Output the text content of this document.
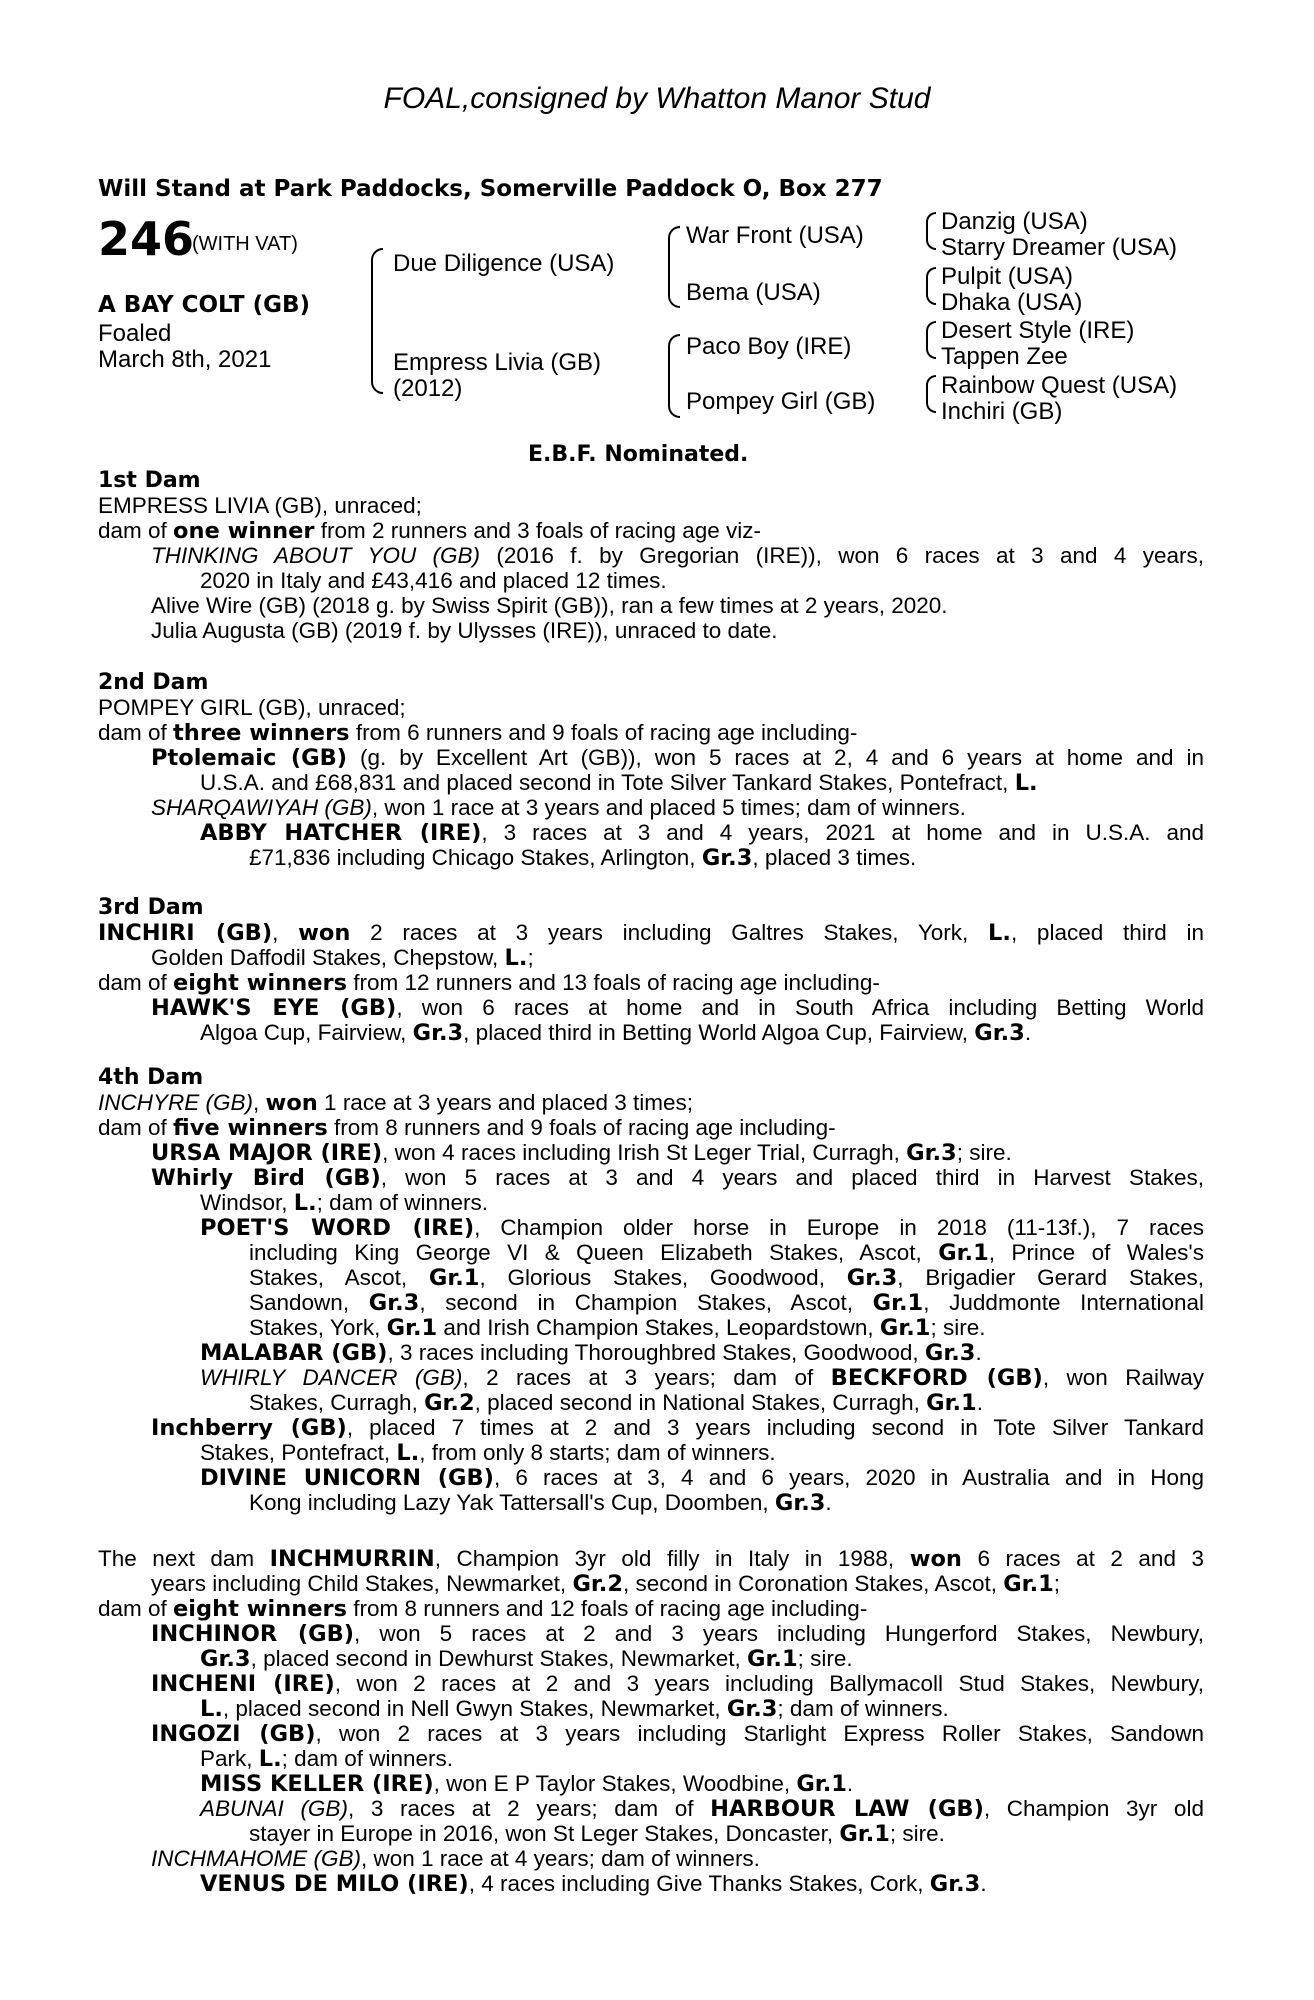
FOAL,consigned by Whatton Manor Stud
Will Stand at Park Paddocks, Somerville Paddock O, Box 277
246
(WITH VAT)
A BAY COLT (GB)
Foaled
March 8th, 2021
Due Diligence (USA)
Empress Livia (GB)
(2012)
War Front (USA)
Bema (USA)
Paco Boy (IRE)
Pompey Girl (GB)
Danzig (USA)
Starry Dreamer (USA)
Pulpit (USA)
Dhaka (USA)
Desert Style (IRE)
Tappen Zee
Rainbow Quest (USA)
Inchiri (GB)
E.B.F. Nominated.
1st Dam
EMPRESS LIVIA (GB), unraced;
dam of one winner from 2 runners and 3 foals of racing age viz-
THINKING ABOUT YOU (GB) (2016 f. by Gregorian (IRE)), won 6 races at 3 and 4 years,
2020 in Italy and £43,416 and placed 12 times.
Alive Wire (GB) (2018 g. by Swiss Spirit (GB)), ran a few times at 2 years, 2020.
Julia Augusta (GB) (2019 f. by Ulysses (IRE)), unraced to date.
2nd Dam
POMPEY GIRL (GB), unraced;
dam of three winners from 6 runners and 9 foals of racing age including-
Ptolemaic (GB) (g. by Excellent Art (GB)), won 5 races at 2, 4 and 6 years at home and in
U.S.A. and £68,831 and placed second in Tote Silver Tankard Stakes, Pontefract, L.
SHARQAWIYAH (GB), won 1 race at 3 years and placed 5 times; dam of winners.
ABBY HATCHER (IRE), 3 races at 3 and 4 years, 2021 at home and in U.S.A. and
£71,836 including Chicago Stakes, Arlington, Gr.3, placed 3 times.
3rd Dam
INCHIRI (GB), won 2 races at 3 years including Galtres Stakes, York, L., placed third in
Golden Daffodil Stakes, Chepstow, L.;
dam of eight winners from 12 runners and 13 foals of racing age including-
HAWK'S EYE (GB), won 6 races at home and in South Africa including Betting World
Algoa Cup, Fairview, Gr.3, placed third in Betting World Algoa Cup, Fairview, Gr.3.
4th Dam
INCHYRE (GB), won 1 race at 3 years and placed 3 times;
dam of five winners from 8 runners and 9 foals of racing age including-
URSA MAJOR (IRE), won 4 races including Irish St Leger Trial, Curragh, Gr.3; sire.
Whirly Bird (GB), won 5 races at 3 and 4 years and placed third in Harvest Stakes,
Windsor, L.; dam of winners.
POET'S WORD (IRE), Champion older horse in Europe in 2018 (11-13f.), 7 races
including King George VI & Queen Elizabeth Stakes, Ascot, Gr.1, Prince of Wales's
Stakes, Ascot, Gr.1, Glorious Stakes, Goodwood, Gr.3, Brigadier Gerard Stakes,
Sandown, Gr.3, second in Champion Stakes, Ascot, Gr.1, Juddmonte International
Stakes, York, Gr.1 and Irish Champion Stakes, Leopardstown, Gr.1; sire.
MALABAR (GB), 3 races including Thoroughbred Stakes, Goodwood, Gr.3.
WHIRLY DANCER (GB), 2 races at 3 years; dam of BECKFORD (GB), won Railway
Stakes, Curragh, Gr.2, placed second in National Stakes, Curragh, Gr.1.
Inchberry (GB), placed 7 times at 2 and 3 years including second in Tote Silver Tankard
Stakes, Pontefract, L., from only 8 starts; dam of winners.
DIVINE UNICORN (GB), 6 races at 3, 4 and 6 years, 2020 in Australia and in Hong
Kong including Lazy Yak Tattersall's Cup, Doomben, Gr.3.
The next dam INCHMURRIN, Champion 3yr old filly in Italy in 1988, won 6 races at 2 and 3
years including Child Stakes, Newmarket, Gr.2, second in Coronation Stakes, Ascot, Gr.1;
dam of eight winners from 8 runners and 12 foals of racing age including-
INCHINOR (GB), won 5 races at 2 and 3 years including Hungerford Stakes, Newbury,
Gr.3, placed second in Dewhurst Stakes, Newmarket, Gr.1; sire.
INCHENI (IRE), won 2 races at 2 and 3 years including Ballymacoll Stud Stakes, Newbury,
L., placed second in Nell Gwyn Stakes, Newmarket, Gr.3; dam of winners.
INGOZI (GB), won 2 races at 3 years including Starlight Express Roller Stakes, Sandown
Park, L.; dam of winners.
MISS KELLER (IRE), won E P Taylor Stakes, Woodbine, Gr.1.
ABUNAI (GB), 3 races at 2 years; dam of HARBOUR LAW (GB), Champion 3yr old
stayer in Europe in 2016, won St Leger Stakes, Doncaster, Gr.1; sire.
INCHMAHOME (GB), won 1 race at 4 years; dam of winners.
VENUS DE MILO (IRE), 4 races including Give Thanks Stakes, Cork, Gr.3.
